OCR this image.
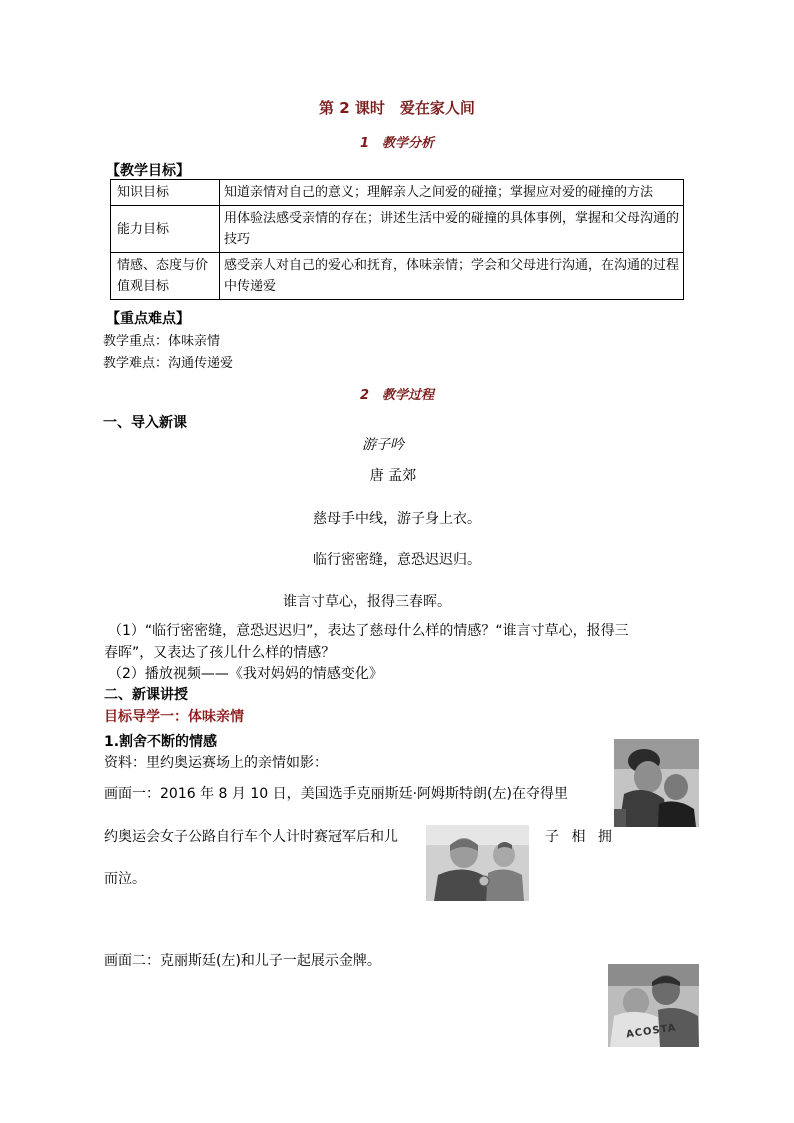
第 2 课时　爱在家人间
1　教学分析
【教学目标】
知识目标	知道亲情对自己的意义；理解亲人之间爱的碰撞；掌握应对爱的碰撞的方法
能力目标	用体验法感受亲情的存在；讲述生活中爱的碰撞的具体事例，掌握和父母沟通的技巧
情感、态度与价值观目标	感受亲人对自己的爱心和抚育，体味亲情；学会和父母进行沟通，在沟通的过程中传递爱
【重点难点】
教学重点：体味亲情
教学难点：沟通传递爱
2　教学过程
一、导入新课
游子吟
唐 孟郊
慈母手中线，游子身上衣。
临行密密缝，意恐迟迟归。
谁言寸草心，报得三春晖。
（1）“临行密密缝，意恐迟迟归”，表达了慈母什么样的情感？“谁言寸草心，报得三
春晖”，又表达了孩儿什么样的情感？
（2）播放视频——《我对妈妈的情感变化》
二、新课讲授
目标导学一：体味亲情
1.割舍不断的情感
资料：里约奥运赛场上的亲情如影：
画面一：2016 年 8 月 10 日，美国选手克丽斯廷·阿姆斯特朗(左)在夺得里
约奥运会女子公路自行车个人计时赛冠军后和儿	子 相 拥
而泣。
画面二：克丽斯廷(左)和儿子一起展示金牌。
ACOSTA
